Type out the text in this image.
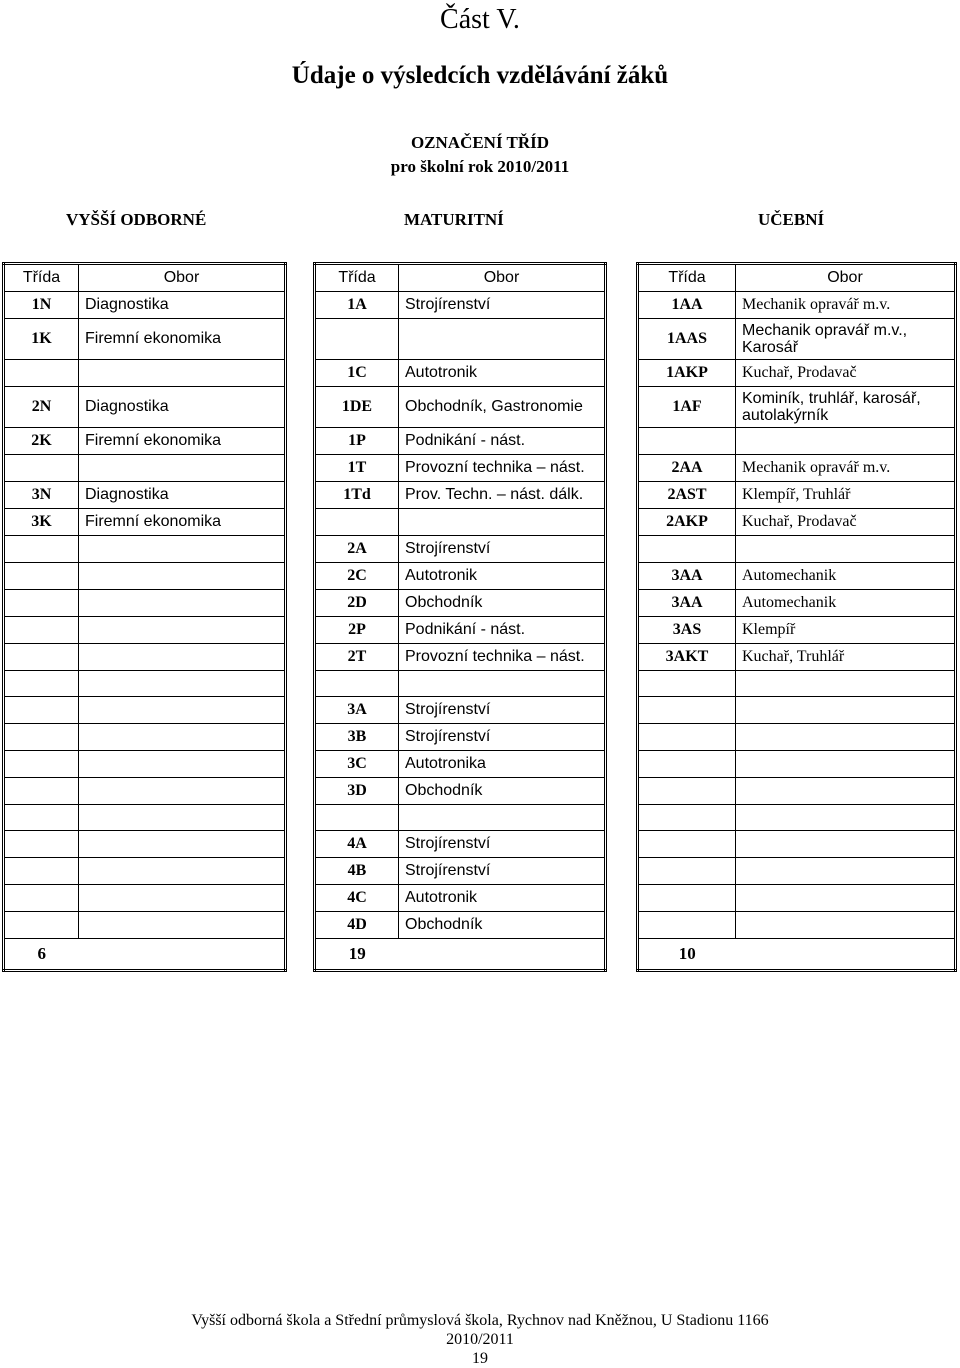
Část V.
Údaje o výsledcích vzdělávání žáků
OZNAČENÍ TŘÍD
pro školní rok 2010/2011
VYŠŠÍ ODBORNÉ	MATURITNÍ	UČEBNÍ
Třída	Obor
1N	Diagnostika
1K	Firemní ekonomika

2N	Diagnostika
2K	Firemní ekonomika

3N	Diagnostika
3K	Firemní ekonomika

6	
Třída	Obor
1A	Strojírenství

1C	Autotronik
1DE	Obchodník, Gastronomie
1P	Podnikání - nást.
1T	Provozní technika – nást.
1Td	Prov. Techn. – nást. dálk.

2A	Strojírenství
2C	Autotronik
2D	Obchodník
2P	Podnikání - nást.
2T	Provozní technika – nást.

3A	Strojírenství
3B	Strojírenství
3C	Autotronika
3D	Obchodník

4A	Strojírenství
4B	Strojírenství
4C	Autotronik
4D	Obchodník
19	
Třída	Obor
1AA	Mechanik opravář m.v.
1AAS	Mechanik opravář m.v., Karosář
1AKP	Kuchař, Prodavač
1AF	Kominík, truhlář, karosář, autolakýrník

2AA	Mechanik opravář m.v.
2AST	Klempíř, Truhlář
2AKP	Kuchař, Prodavač

3AA	Automechanik
3AA	Automechanik
3AS	Klempíř
3AKT	Kuchař, Truhlář

10	
Vyšší odborná škola a Střední průmyslová škola, Rychnov nad Kněžnou, U Stadionu 1166
2010/2011
19
